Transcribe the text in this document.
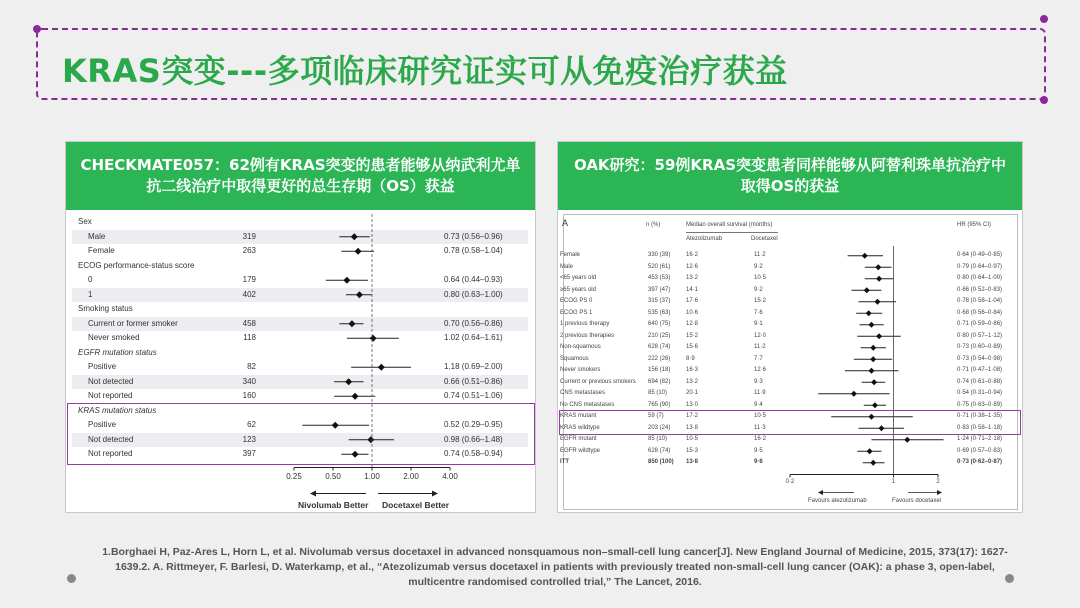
KRAS突变---多项临床研究证实可从免疫治疗获益
CHECKMATE057：62例有KRAS突变的患者能够从纳武利尤单
抗二线治疗中取得更好的总生存期（OS）获益
Sex
Male	319	0.73 (0.56–0.96)
Female	263	0.78 (0.58–1.04)
ECOG performance-status score
0	179	0.64 (0.44–0.93)
1	402	0.80 (0.63–1.00)
Smoking status
Current or former smoker	458	0.70 (0.56–0.86)
Never smoked	118	1.02 (0.64–1.61)
EGFR mutation status
Positive	82	1.18 (0.69–2.00)
Not detected	340	0.66 (0.51–0.86)
Not reported	160	0.74 (0.51–1.06)
KRAS mutation status
Positive	62	0.52 (0.29–0.95)
Not detected	123	0.98 (0.66–1.48)
Not reported	397	0.74 (0.58–0.94)
0.25	0.50	1.00	2.00	4.00
Nivolumab Better Docetaxel Better
OAK研究：59例KRAS突变患者同样能够从阿替利珠单抗治疗中
取得OS的获益
A	n (%)	Median overall survival (months)
Atezolizumab	Docetaxel
HR (95% CI)
Female	330 (39)	16·2	11·2	0·64 (0·49–0·85)
Male	520 (61)	12·6	9·2	0·79 (0·64–0·97)
<65 years old	453 (53)	13·2	10·5	0·80 (0·64–1·00)
≥65 years old	397 (47)	14·1	9·2	0·66 (0·52–0·83)
ECOG PS 0	315 (37)	17·6	15·2	0·78 (0·58–1·04)
ECOG PS 1	535 (63)	10·6	7·6	0·68 (0·56–0·84)
1 previous therapy	640 (75)	12·8	9·1	0·71 (0·59–0·86)
2 previous therapies	210 (25)	15·2	12·0	0·80 (0·57–1·12)
Non-squamous	628 (74)	15·6	11·2	0·73 (0·60–0·89)
Squamous	222 (26)	8·9	7·7	0·73 (0·54–0·98)
Never smokers	156 (18)	16·3	12·6	0·71 (0·47–1·08)
Current or previous smokers 694 (82)	13·2	9·3	0·74 (0·61–0·88)
CNS metastases	85 (10)	20·1	11·9	0·54 (0·31–0·94)
No CNS metastases	765 (90)	13·0	9·4	0·75 (0·63–0·89)
KRAS mutant	59 (7)	17·2	10·5	0·71 (0·38–1·35)
KRAS wildtype	203 (24)	13·8	11·3	0·83 (0·58–1·18)
EGFR mutant	85 (10)	10·5	16·2	1·24 (0·71–2·18)
EGFR wildtype	628 (74)	15·3	9·5	0·69 (0·57–0·83)
ITT	850 (100) 13·8	9·6	0·73 (0·62–0·87)
0·2	1	2
Favours atezolizumab	Favours docetaxel
1.Borghaei H, Paz-Ares L, Horn L, et al. Nivolumab versus docetaxel in advanced nonsquamous non–small-cell lung cancer[J]. New England Journal of Medicine, 2015, 373(17): 1627-1639.2. A. Rittmeyer, F. Barlesi, D. Waterkamp, et al., “Atezolizumab versus docetaxel in patients with previously treated non-small-cell lung cancer (OAK): a phase 3, open-label, multicentre randomised controlled trial,” The Lancet, 2016.
